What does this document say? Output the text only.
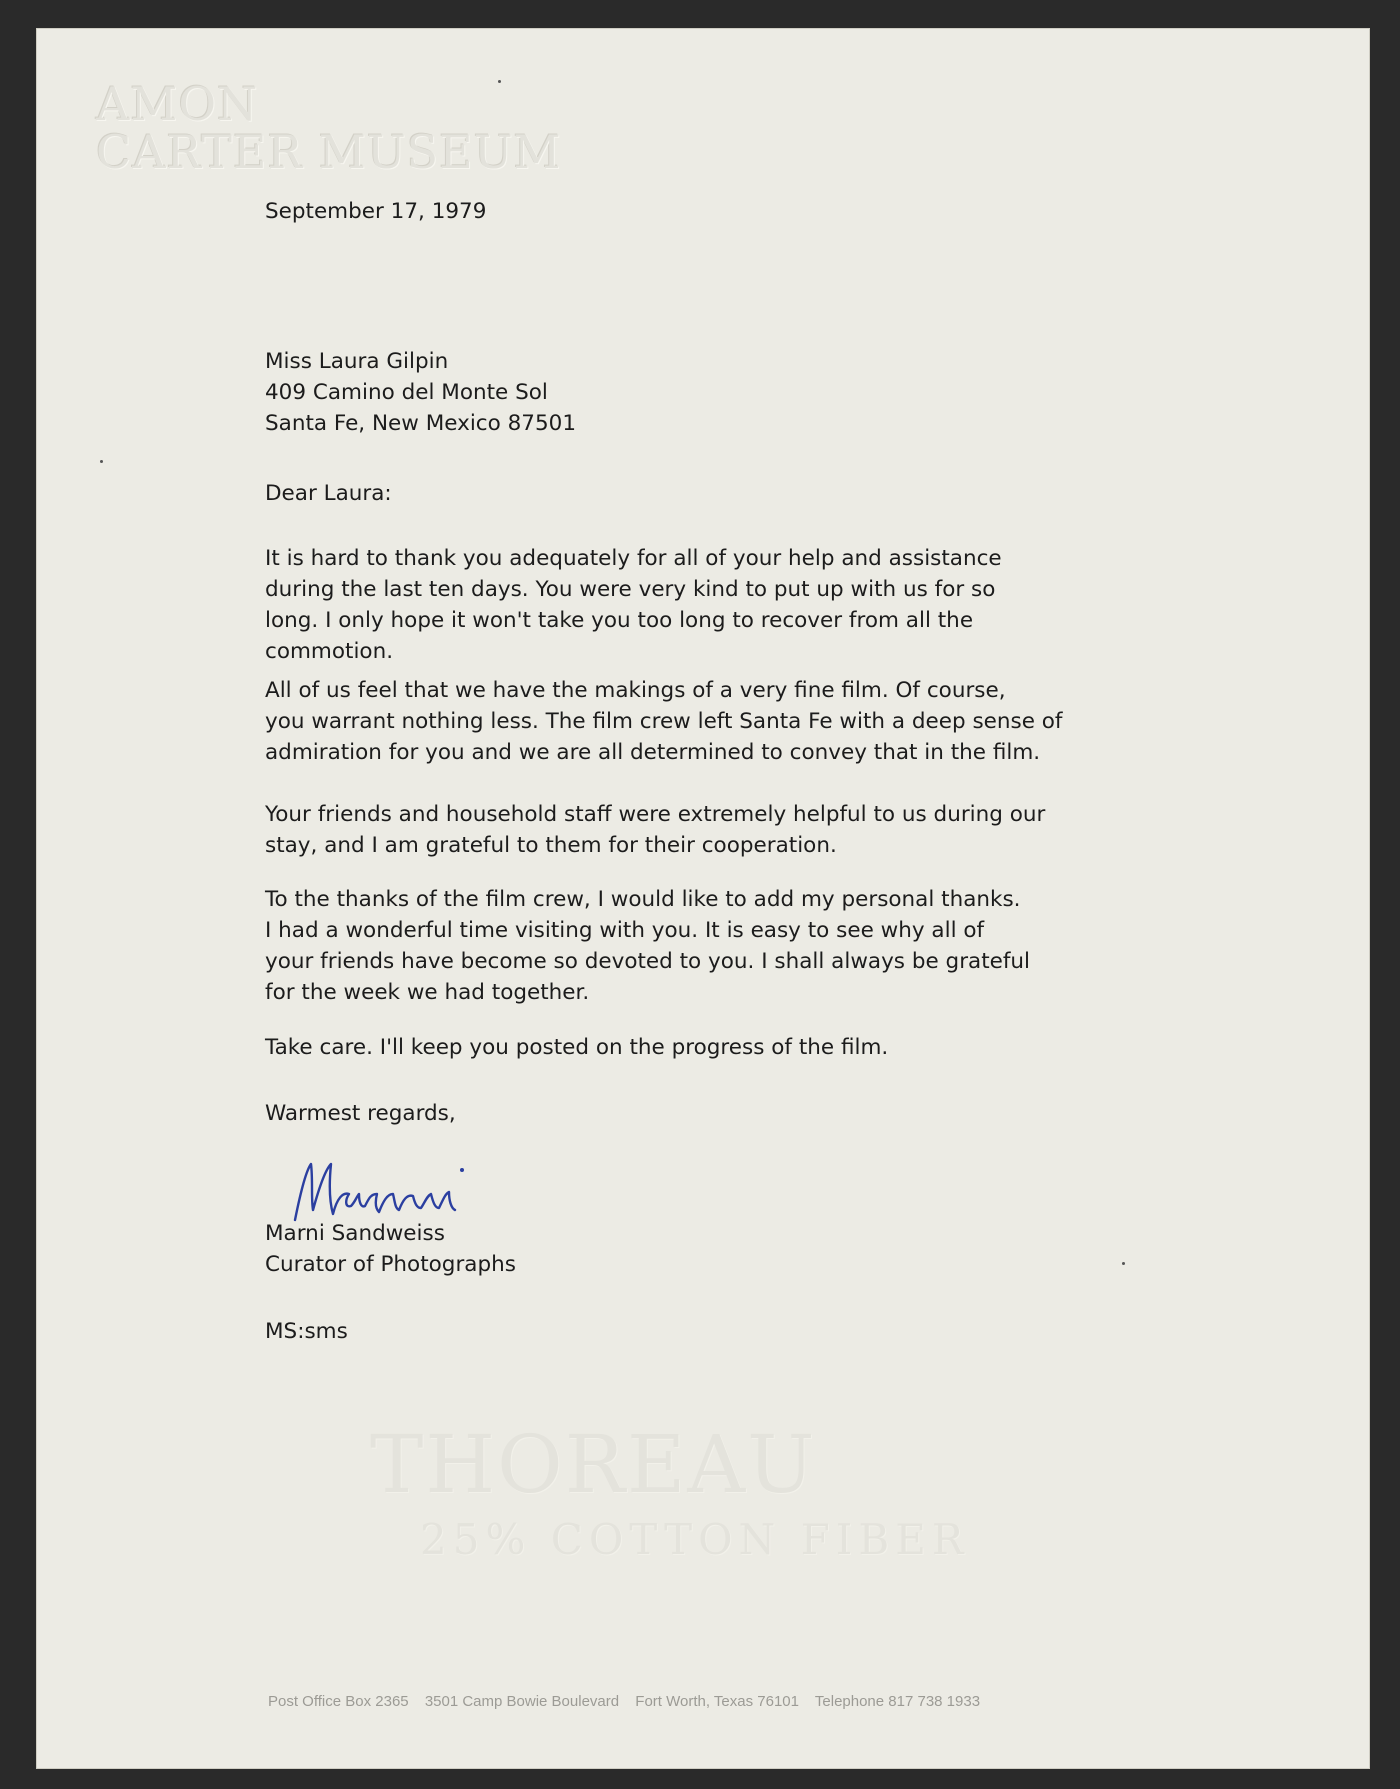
AMON
CARTER MUSEUM
September 17, 1979
Miss Laura Gilpin
409 Camino del Monte Sol
Santa Fe, New Mexico 87501
Dear Laura:
It is hard to thank you adequately for all of your help and assistance
during the last ten days. You were very kind to put up with us for so
long. I only hope it won't take you too long to recover from all the
commotion.
All of us feel that we have the makings of a very fine film. Of course,
you warrant nothing less. The film crew left Santa Fe with a deep sense of
admiration for you and we are all determined to convey that in the film.
Your friends and household staff were extremely helpful to us during our
stay, and I am grateful to them for their cooperation.
To the thanks of the film crew, I would like to add my personal thanks.
I had a wonderful time visiting with you. It is easy to see why all of
your friends have become so devoted to you. I shall always be grateful
for the week we had together.
Take care. I'll keep you posted on the progress of the film.
Warmest regards,
Marni Sandweiss
Curator of Photographs
MS:sms
THOREAU
25% COTTON FIBER
Post Office Box 2365 3501 Camp Bowie Boulevard Fort Worth, Texas 76101 Telephone 817 738 1933
